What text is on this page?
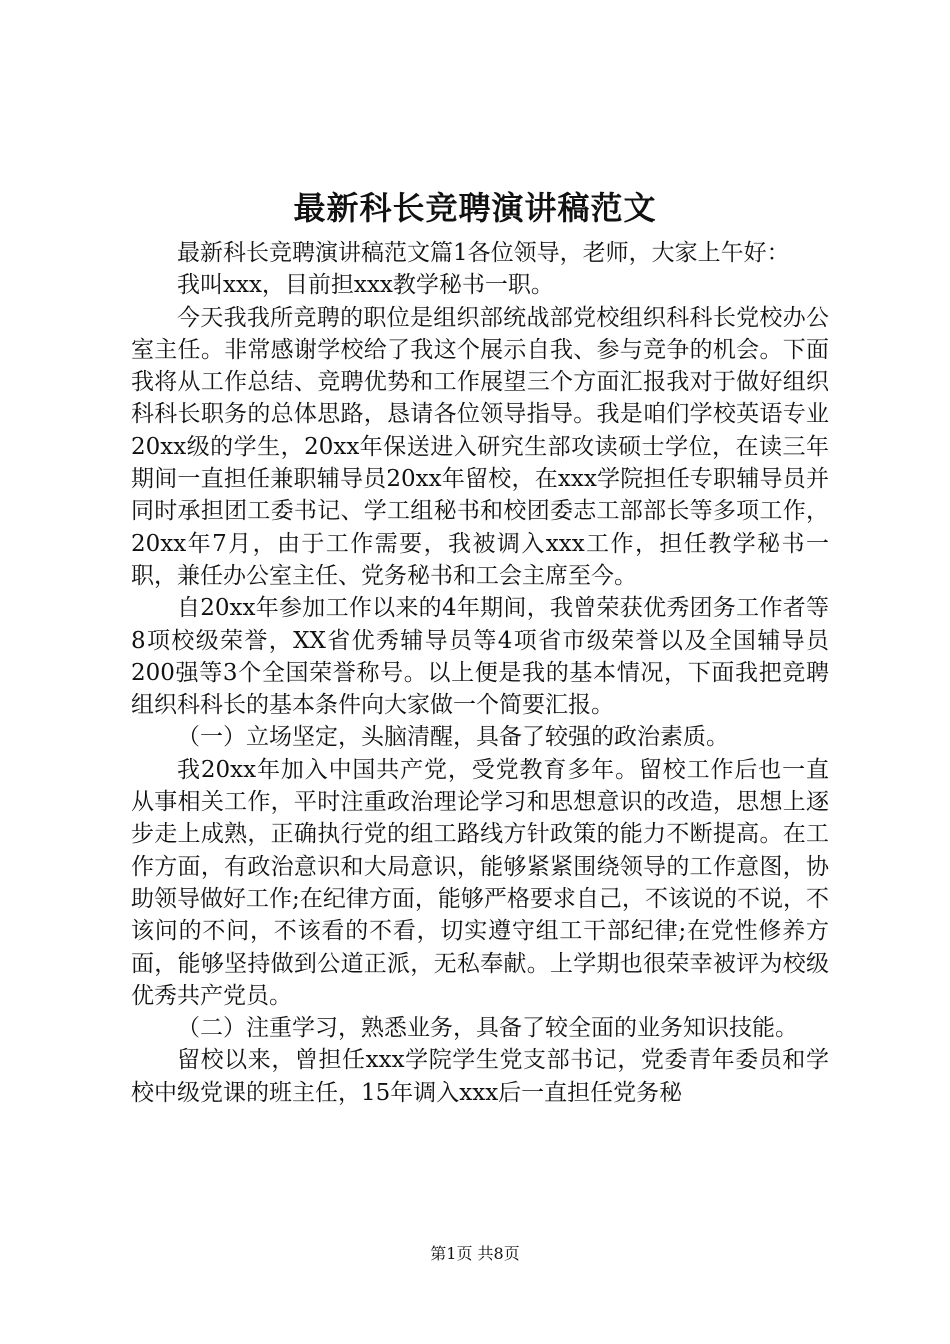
最新科长竞聘演讲稿范文

最新科长竞聘演讲稿范文篇1各位领导，老师，大家上午好：

我叫xxx，目前担xxx教学秘书一职。

今天我我所竞聘的职位是组织部统战部党校组织科科长党校办公室主任。非常感谢学校给了我这个展示自我、参与竞争的机会。下面我将从工作总结、竞聘优势和工作展望三个方面汇报我对于做好组织科科长职务的总体思路，恳请各位领导指导。我是咱们学校英语专业20xx级的学生，20xx年保送进入研究生部攻读硕士学位，在读三年期间一直担任兼职辅导员20xx年留校，在xxx学院担任专职辅导员并同时承担团工委书记、学工组秘书和校团委志工部部长等多项工作，20xx年7月，由于工作需要，我被调入xxx工作，担任教学秘书一职，兼任办公室主任、党务秘书和工会主席至今。

自20xx年参加工作以来的4年期间，我曾荣获优秀团务工作者等8项校级荣誉，XX省优秀辅导员等4项省市级荣誉以及全国辅导员200强等3个全国荣誉称号。以上便是我的基本情况，下面我把竞聘组织科科长的基本条件向大家做一个简要汇报。

（一）立场坚定，头脑清醒，具备了较强的政治素质。

我20xx年加入中国共产党，受党教育多年。留校工作后也一直从事相关工作，平时注重政治理论学习和思想意识的改造，思想上逐步走上成熟，正确执行党的组工路线方针政策的能力不断提高。在工作方面，有政治意识和大局意识，能够紧紧围绕领导的工作意图，协助领导做好工作;在纪律方面，能够严格要求自己，不该说的不说，不该问的不问，不该看的不看，切实遵守组工干部纪律;在党性修养方面，能够坚持做到公道正派，无私奉献。上学期也很荣幸被评为校级优秀共产党员。

（二）注重学习，熟悉业务，具备了较全面的业务知识技能。

留校以来，曾担任xxx学院学生党支部书记，党委青年委员和学校中级党课的班主任，15年调入xxx后一直担任党务秘

第1页 共8页
